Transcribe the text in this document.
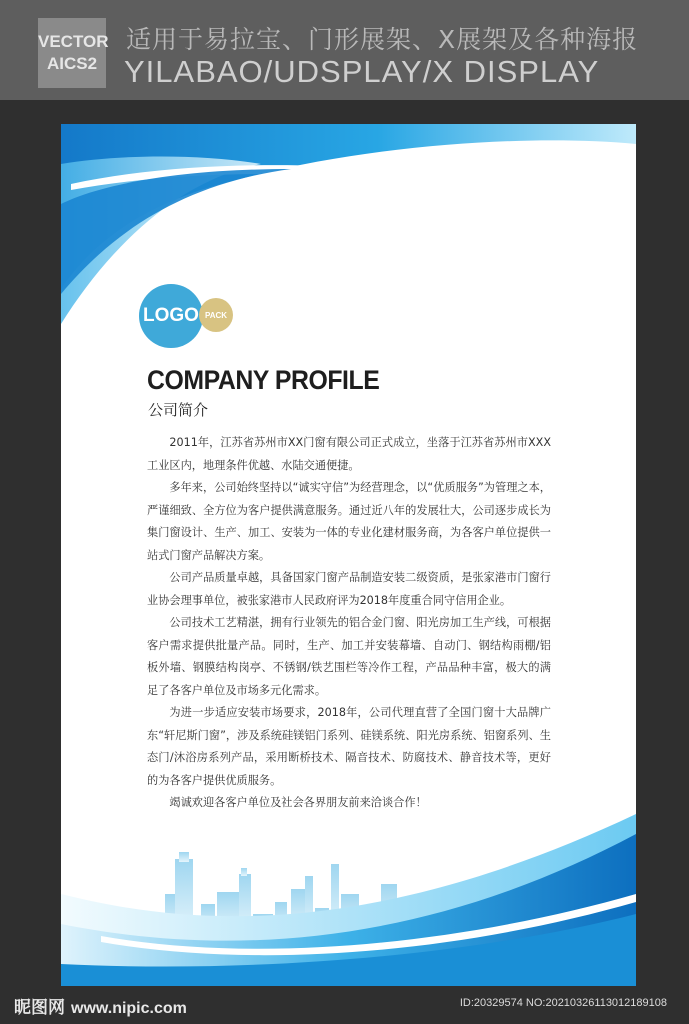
VECTOR
AICS2
适用于易拉宝、门形展架、X展架及各种海报
YILABAO/UDSPLAY/X DISPLAY
LOGO PACK
COMPANY PROFILE
公司简介

2011年，江苏省苏州市XX门窗有限公司正式成立，坐落于江苏省苏州市XXX工业区内，地理条件优越、水陆交通便捷。

多年来，公司始终坚持以“诚实守信”为经营理念，以“优质服务”为管理之本，严谨细致、全方位为客户提供满意服务。通过近八年的发展壮大，公司逐步成长为集门窗设计、生产、加工、安装为一体的专业化建材服务商，为各客户单位提供一站式门窗产品解决方案。

公司产品质量卓越，具备国家门窗产品制造安装二级资质，是张家港市门窗行业协会理事单位，被张家港市人民政府评为2018年度重合同守信用企业。

公司技术工艺精湛，拥有行业领先的铝合金门窗、阳光房加工生产线，可根据客户需求提供批量产品。同时，生产、加工并安装幕墙、自动门、钢结构雨棚/铝板外墙、钢膜结构岗亭、不锈钢/铁艺围栏等冷作工程，产品品种丰富，极大的满足了各客户单位及市场多元化需求。

为进一步适应安装市场要求，2018年，公司代理直营了全国门窗十大品牌广东“轩尼斯门窗”，涉及系统硅镁铝门系列、硅镁系统、阳光房系统、铝窗系列、生态门/沐浴房系列产品，采用断桥技术、隔音技术、防腐技术、静音技术等，更好的为各客户提供优质服务。

竭诚欢迎各客户单位及社会各界朋友前来洽谈合作！

昵图网 www.nipic.com	ID:20329574 NO:20210326113012189108
